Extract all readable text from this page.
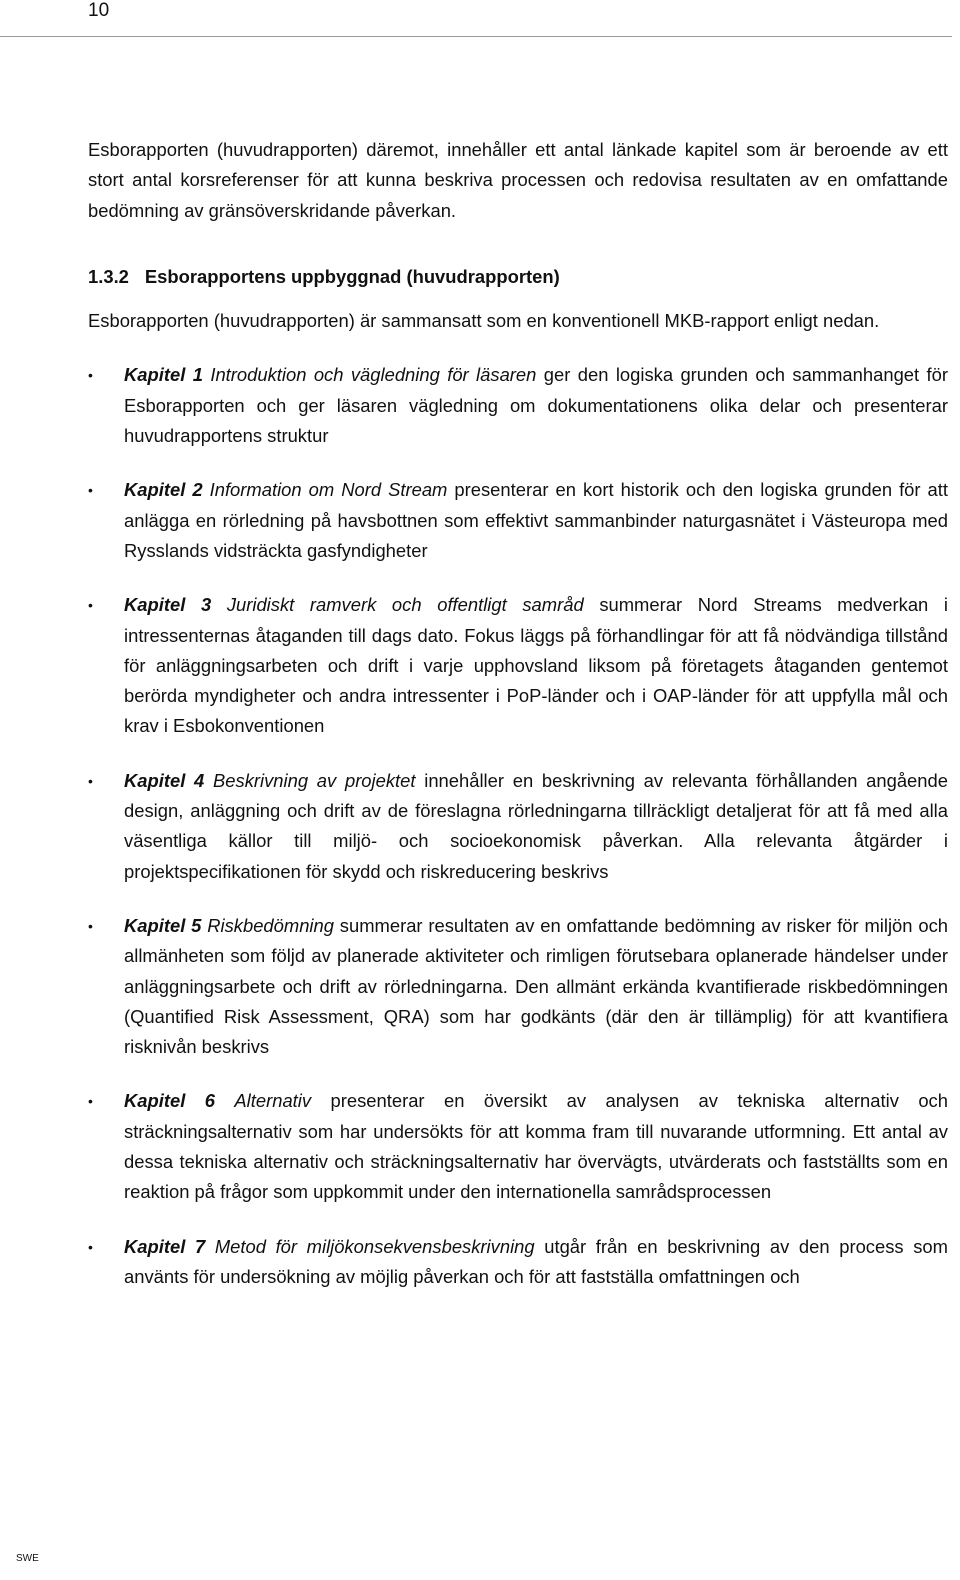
10

Esborapporten (huvudrapporten) däremot, innehåller ett antal länkade kapitel som är beroende av ett stort antal korsreferenser för att kunna beskriva processen och redovisa resultaten av en omfattande bedömning av gränsöverskridande påverkan.

1.3.2 Esborapportens uppbyggnad (huvudrapporten)

Esborapporten (huvudrapporten) är sammansatt som en konventionell MKB-rapport enligt nedan.

• Kapitel 1 Introduktion och vägledning för läsaren ger den logiska grunden och sammanhanget för Esborapporten och ger läsaren vägledning om dokumentationens olika delar och presenterar huvudrapportens struktur
• Kapitel 2 Information om Nord Stream presenterar en kort historik och den logiska grunden för att anlägga en rörledning på havsbottnen som effektivt sammanbinder naturgasnätet i Västeuropa med Rysslands vidsträckta gasfyndigheter
• Kapitel 3 Juridiskt ramverk och offentligt samråd summerar Nord Streams medverkan i intressenternas åtaganden till dags dato. Fokus läggs på förhandlingar för att få nödvändiga tillstånd för anläggningsarbeten och drift i varje upphovsland liksom på företagets åtaganden gentemot berörda myndigheter och andra intressenter i PoP-länder och i OAP-länder för att uppfylla mål och krav i Esbokonventionen
• Kapitel 4 Beskrivning av projektet innehåller en beskrivning av relevanta förhållanden angående design, anläggning och drift av de föreslagna rörledningarna tillräckligt detaljerat för att få med alla väsentliga källor till miljö- och socioekonomisk påverkan. Alla relevanta åtgärder i projektspecifikationen för skydd och riskreducering beskrivs
• Kapitel 5 Riskbedömning summerar resultaten av en omfattande bedömning av risker för miljön och allmänheten som följd av planerade aktiviteter och rimligen förutsebara oplanerade händelser under anläggningsarbete och drift av rörledningarna. Den allmänt erkända kvantifierade riskbedömningen (Quantified Risk Assessment, QRA) som har godkänts (där den är tillämplig) för att kvantifiera risknivån beskrivs
• Kapitel 6 Alternativ presenterar en översikt av analysen av tekniska alternativ och sträckningsalternativ som har undersökts för att komma fram till nuvarande utformning. Ett antal av dessa tekniska alternativ och sträckningsalternativ har övervägts, utvärderats och fastställts som en reaktion på frågor som uppkommit under den internationella samrådsprocessen
• Kapitel 7 Metod för miljökonsekvensbeskrivning utgår från en beskrivning av den process som använts för undersökning av möjlig påverkan och för att fastställa omfattningen och
SWE
